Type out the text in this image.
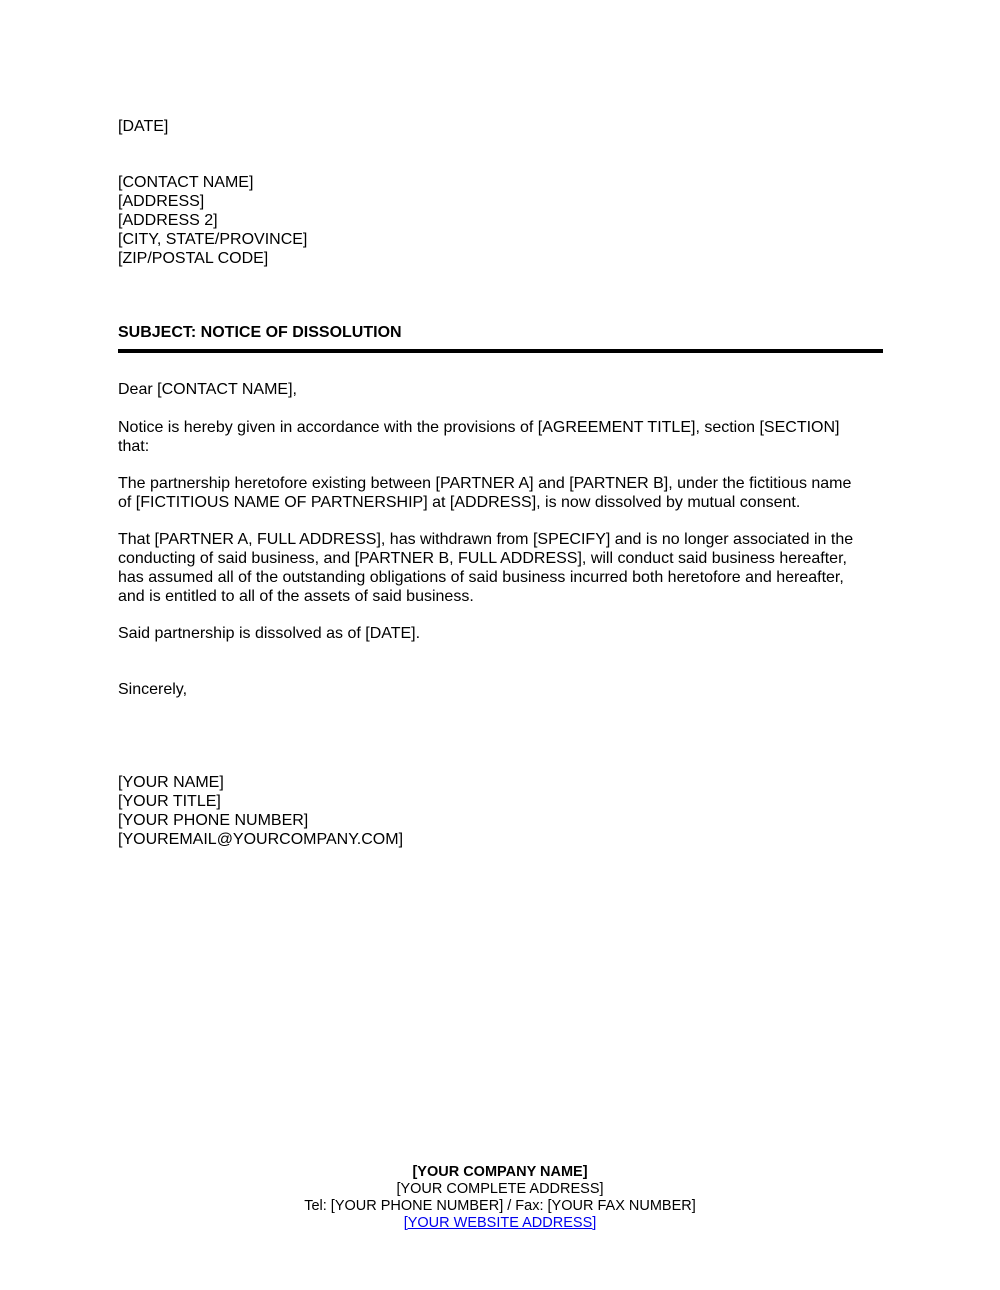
[DATE]
[CONTACT NAME]
[ADDRESS]
[ADDRESS 2]
[CITY, STATE/PROVINCE]
[ZIP/POSTAL CODE]
SUBJECT: NOTICE OF DISSOLUTION
Dear [CONTACT NAME],
Notice is hereby given in accordance with the provisions of [AGREEMENT TITLE], section [SECTION]
that:
The partnership heretofore existing between [PARTNER A] and [PARTNER B], under the fictitious name
of [FICTITIOUS NAME OF PARTNERSHIP] at [ADDRESS], is now dissolved by mutual consent.
That [PARTNER A, FULL ADDRESS], has withdrawn from [SPECIFY] and is no longer associated in the
conducting of said business, and [PARTNER B, FULL ADDRESS], will conduct said business hereafter,
has assumed all of the outstanding obligations of said business incurred both heretofore and hereafter,
and is entitled to all of the assets of said business.
Said partnership is dissolved as of [DATE].
Sincerely,
[YOUR NAME]
[YOUR TITLE]
[YOUR PHONE NUMBER]
[YOUREMAIL@YOURCOMPANY.COM]
[YOUR COMPANY NAME]
[YOUR COMPLETE ADDRESS]
Tel: [YOUR PHONE NUMBER] / Fax: [YOUR FAX NUMBER]
[YOUR WEBSITE ADDRESS]
